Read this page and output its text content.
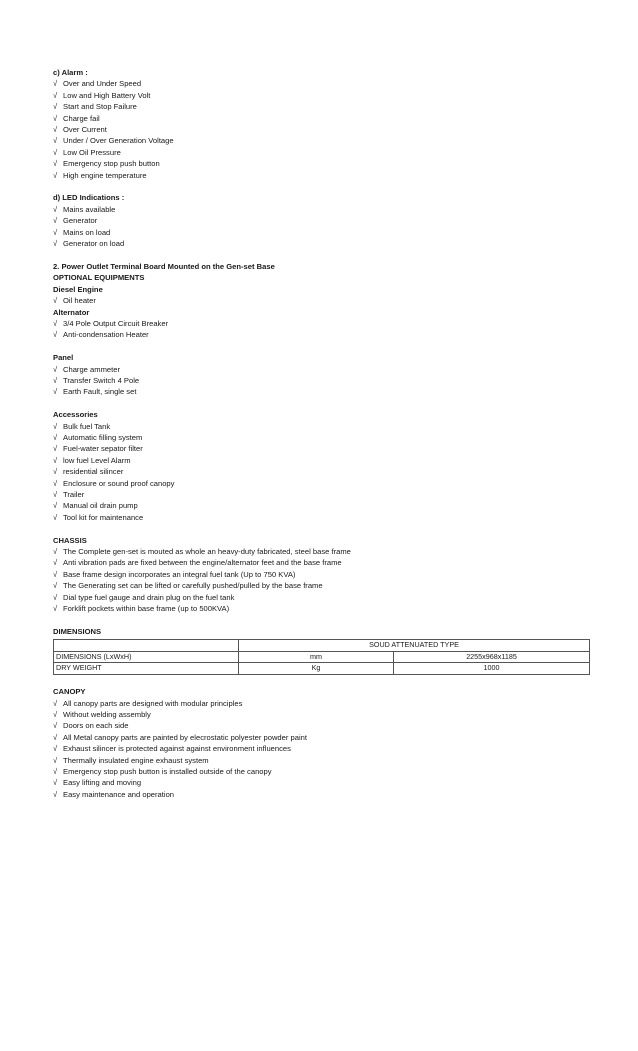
c) Alarm :
√ Over and Under Speed
√ Low and High Battery Volt
√ Start and Stop Failure
√ Charge fail
√ Over Current
√ Under / Over Generation Voltage
√ Low Oil Pressure
√ Emergency stop push button
√ High engine temperature
d) LED Indications :
√ Mains available
√ Generator
√ Mains on load
√ Generator on load
2. Power Outlet Terminal Board Mounted on the Gen-set Base
OPTIONAL EQUIPMENTS
Diesel Engine
√ Oil heater
Alternator
√ 3/4 Pole Output Circuit Breaker
√ Anti-condensation Heater
Panel
√ Charge ammeter
√ Transfer Switch 4 Pole
√ Earth Fault, single set
Accessories
√ Bulk fuel Tank
√ Automatic filling system
√ Fuel-water sepator filter
√ low fuel Level Alarm
√ residential silincer
√ Enclosure or sound proof canopy
√ Trailer
√ Manual oil drain pump
√ Tool kit for maintenance
CHASSIS
√ The Complete gen-set is mouted as whole an heavy-duty fabricated, steel base frame
√ Anti vibration pads are fixed between the engine/alternator feet and the base frame
√ Base frame design incorporates an integral fuel tank (Up to 750 KVA)
√ The Generating set can be lifted or carefully pushed/pulled by the base frame
√ Dial type fuel gauge and drain plug on the fuel tank
√ Forklift pockets within base frame (up to 500KVA)
DIMENSIONS
	SOUD ATTENUATED TYPE	
DIMENSIONS (LxWxH)	mm	2255x968x1185
DRY WEIGHT	Kg	1000
CANOPY
√ All canopy parts are designed with modular principles
√ Without welding assembly
√ Doors on each side
√ All Metal canopy parts are painted by elecrostatic polyester powder paint
√ Exhaust silincer is protected against against environment influences
√ Thermally insulated engine exhaust system
√ Emergency stop push button is installed outside of the canopy
√ Easy lifting and moving
√ Easy maintenance and operation
